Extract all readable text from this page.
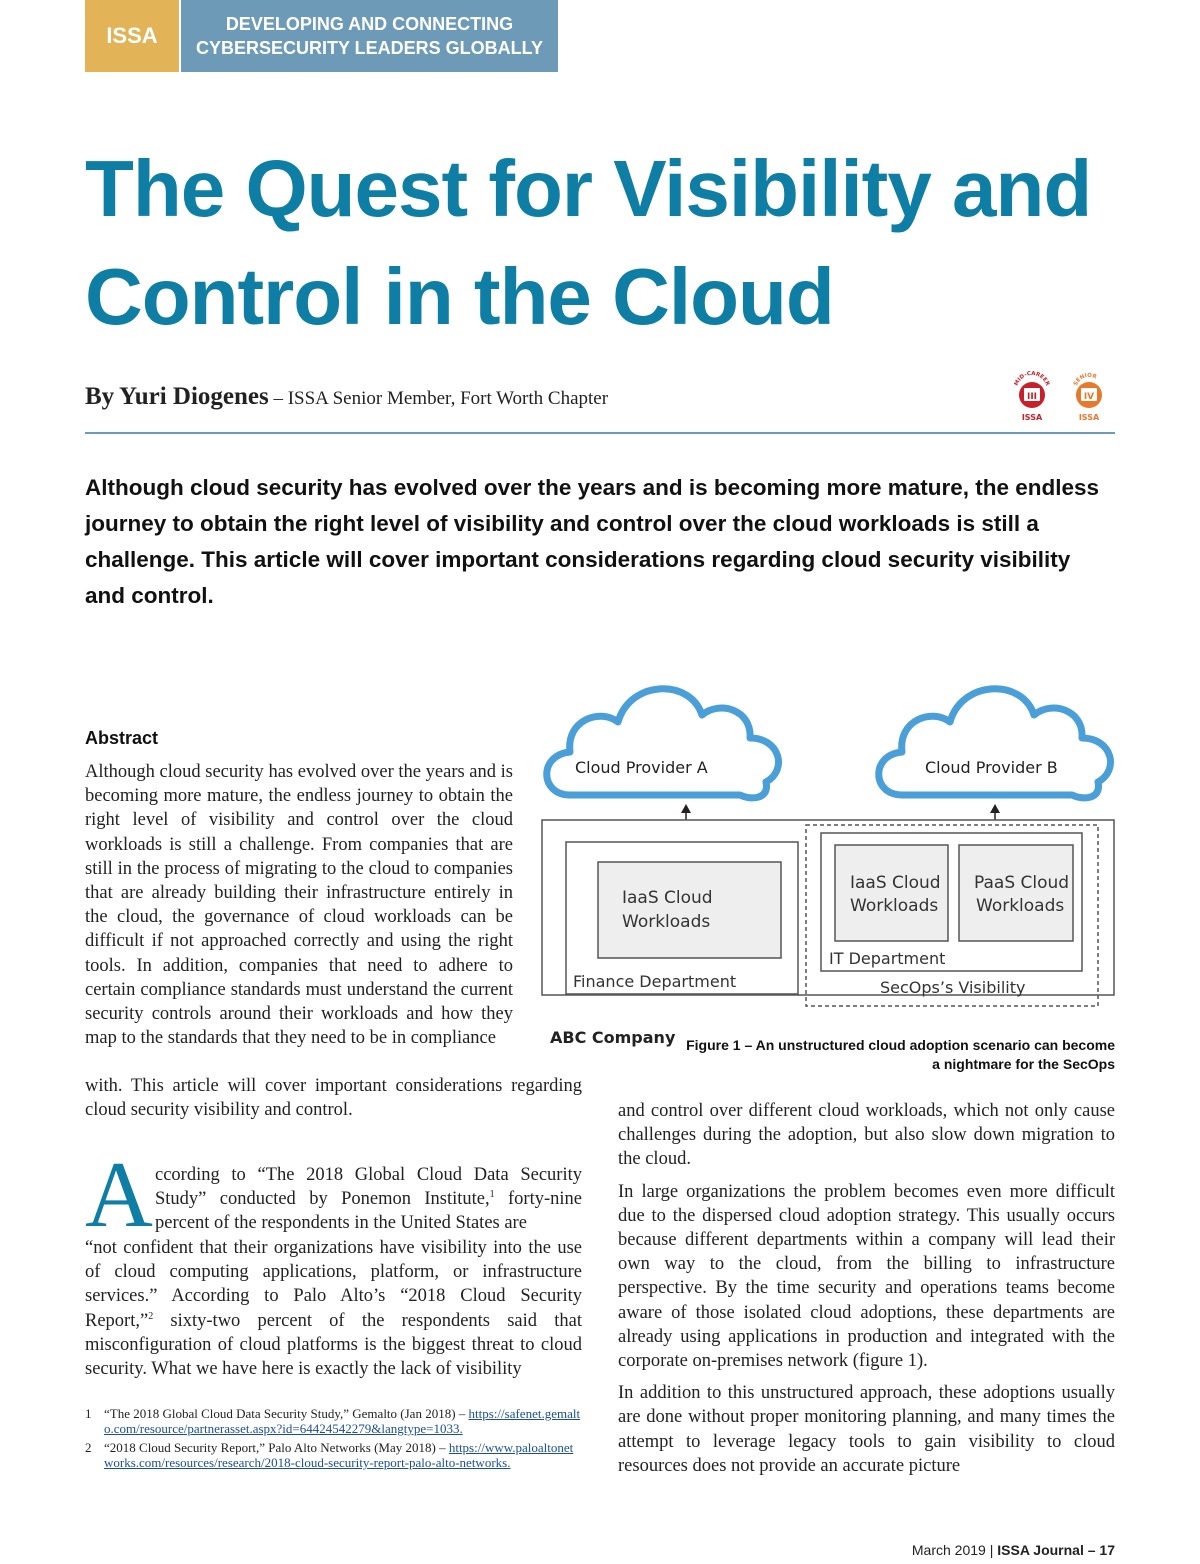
ISSA	DEVELOPING AND CONNECTING
CYBERSECURITY LEADERS GLOBALLY
The Quest for Visibility and
Control in the Cloud
By Yuri Diogenes – ISSA Senior Member, Fort Worth Chapter
MID-CAREER
III
ISSA
SENIOR
IV
ISSA

Although cloud security has evolved over the years and is becoming more mature, the endless journey to obtain the right level of visibility and control over the cloud workloads is still a challenge. This article will cover important considerations regarding cloud security visibility and control.

Abstract

Although cloud security has evolved over the years and is becoming more mature, the endless journey to obtain the right level of visibility and control over the cloud workloads is still a challenge. From companies that are still in the process of migrating to the cloud to companies that are already building their infrastructure entirely in the cloud, the governance of cloud workloads can be difficult if not approached correctly and using the right tools. In addition, companies that need to adhere to certain compliance standards must understand the current security controls around their workloads and how they map to the standards that they need to be in compliance

with. This article will cover important considerations regarding cloud security visibility and control.

A ccording to “The 2018 Global Cloud Data Security Study” conducted by Ponemon Institute,$^1$ forty-nine percent of the respondents in the United States are

“not confident that their organizations have visibility into the use of cloud computing applications, platform, or infrastructure services.” According to Palo Alto’s “2018 Cloud Security Report,”$^2$ sixty-two percent of the respondents said that misconfiguration of cloud platforms is the biggest threat to cloud security. What we have here is exactly the lack of visibility

1 “The 2018 Global Cloud Data Security Study,” Gemalto (Jan 2018) – https://safenet.gemalto.com/resource/partnerasset.aspx?id=64424542279&langtype=1033.
2 “2018 Cloud Security Report,” Palo Alto Networks (May 2018) – https://www.paloaltonetworks.com/resources/research/2018-cloud-security-report-palo-alto-networks.
Cloud Provider A	Cloud Provider B
IaaS Cloud
Workloads
Finance Department
IaaS Cloud
Workloads
PaaS Cloud
Workloads
IT Department
SecOps’s Visibility
ABC Company Figure 1 – An unstructured cloud adoption scenario can become
a nightmare for the SecOps

and control over different cloud workloads, which not only cause challenges during the adoption, but also slow down migration to the cloud.

In large organizations the problem becomes even more difficult due to the dispersed cloud adoption strategy. This usually occurs because different departments within a company will lead their own way to the cloud, from the billing to infrastructure perspective. By the time security and operations teams become aware of those isolated cloud adoptions, these departments are already using applications in production and integrated with the corporate on-premises network (figure 1).

In addition to this unstructured approach, these adoptions usually are done without proper monitoring planning, and many times the attempt to leverage legacy tools to gain visibility to cloud resources does not provide an accurate picture

March 2019 | ISSA Journal – 17
